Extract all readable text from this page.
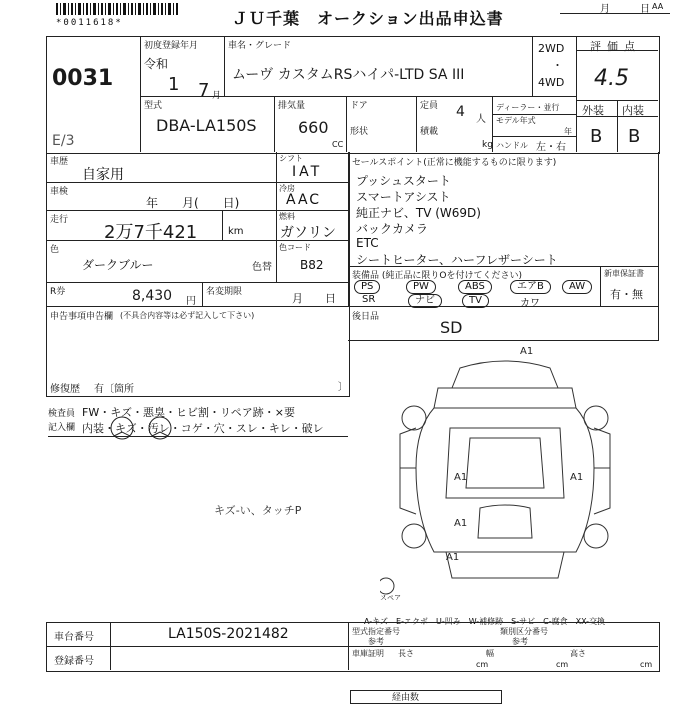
*0011618*	ＪＵ千葉　オークション出品申込書	月	日 AA
0031
初度登録年月
令和
1 7 月
車名・グレード
ムーヴ カスタムRSハイパ-LTD SA III
2WD
・
4WD
評価点
4.5
外装 内装
B B
型式
DBA-LA150S
排気量
660
CC
ドア
形状
定員 4 人
積載
kg
ディーラー・並行
モデル年式
年
ハンドル 左・右
E/3
車歴
自家用
車検
年　　月(　　日)
走行
2万7千421	km
色
ダークブルー	色替
R券	8,430 円
名変期限	月　　日
シフト
IAT
冷房
AAC
燃料
ガソリン
色コード
B82
セールスポイント(正常に機能するものに限ります)
プッシュスタート
スマートアシスト
純正ナビ、TV (W69D)
バックカメラ
ETC
シートヒーター、ハーフレザーシート
装備品 (純正品に限りOを付けてください)
PS	PW	ABS	エアB	AW
SR	ナビ	TV	カワ
新車保証書
有・無
申告事項申告欄 (不具合内容等は必ず記入して下さい)
修復歴 有〔箇所	〕
後日品
SD
検査員
記入欄
FW・キズ・悪臭・ヒビ割・リペア跡・×要
内装・キズ・汚レ・コゲ・穴・スレ・キレ・破レ
キズ-い、タッチP
A1
A1	A1
A1
A1
スペア
A-キズ　E-エクボ　U-凹み　W-補修跡　S-サビ　C-腐食　XX-交換
車台番号	LA150S-2021482
登録番号
型式指定番号
参考
類別区分番号
参考
車庫証明 長さ
cm
幅
cm
高さ
cm
経由数
